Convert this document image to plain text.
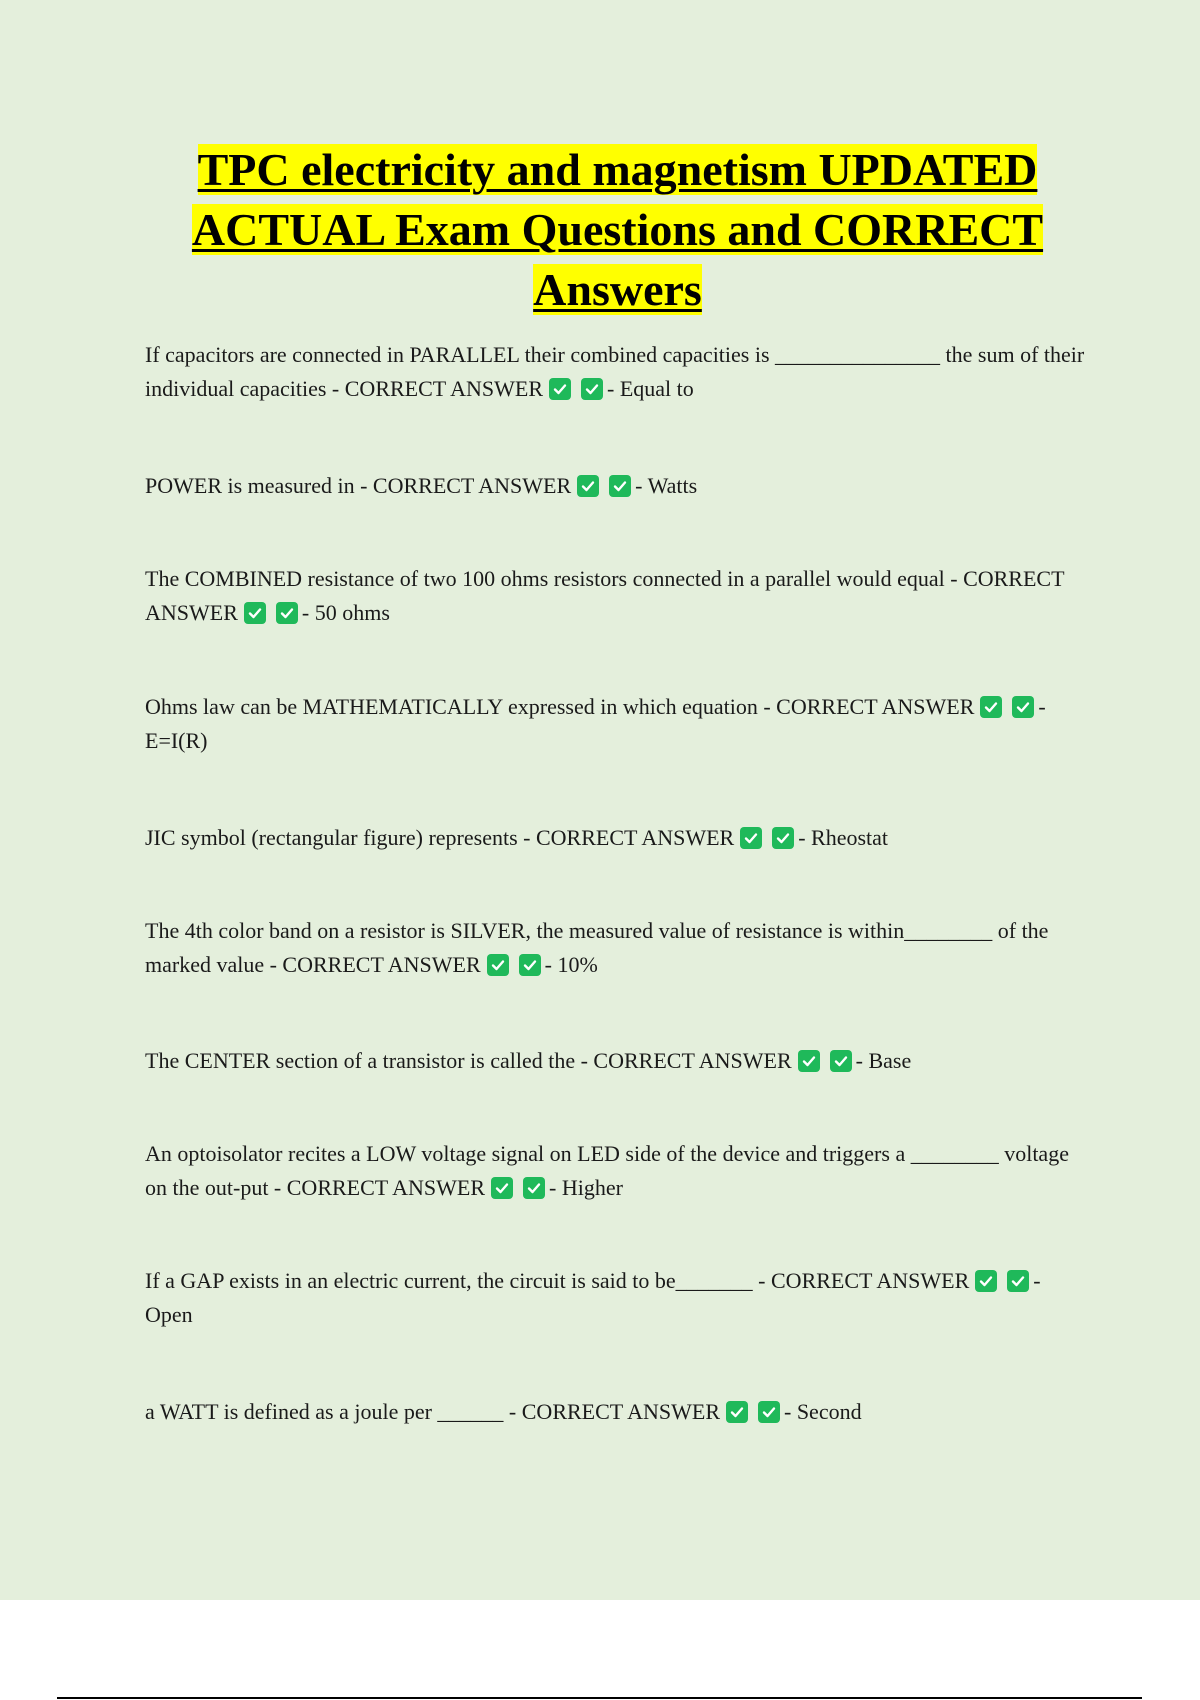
TPC electricity and magnetism UPDATED ACTUAL Exam Questions and CORRECT Answers
If capacitors are connected in PARALLEL their combined capacities is _______________ the sum of their individual capacities - CORRECT ANSWER	- Equal to
POWER is measured in - CORRECT ANSWER	- Watts
The COMBINED resistance of two 100 ohms resistors connected in a parallel would equal - CORRECT ANSWER	- 50 ohms
Ohms law can be MATHEMATICALLY expressed in which equation - CORRECT ANSWER	- E=I(R)
JIC symbol (rectangular figure) represents - CORRECT ANSWER	- Rheostat
The 4th color band on a resistor is SILVER, the measured value of resistance is within________ of the marked value - CORRECT ANSWER	- 10%
The CENTER section of a transistor is called the - CORRECT ANSWER	- Base
An optoisolator recites a LOW voltage signal on LED side of the device and triggers a ________ voltage on the out-put - CORRECT ANSWER	- Higher
If a GAP exists in an electric current, the circuit is said to be_______ - CORRECT ANSWER	- Open
a WATT is defined as a joule per ______ - CORRECT ANSWER	- Second
